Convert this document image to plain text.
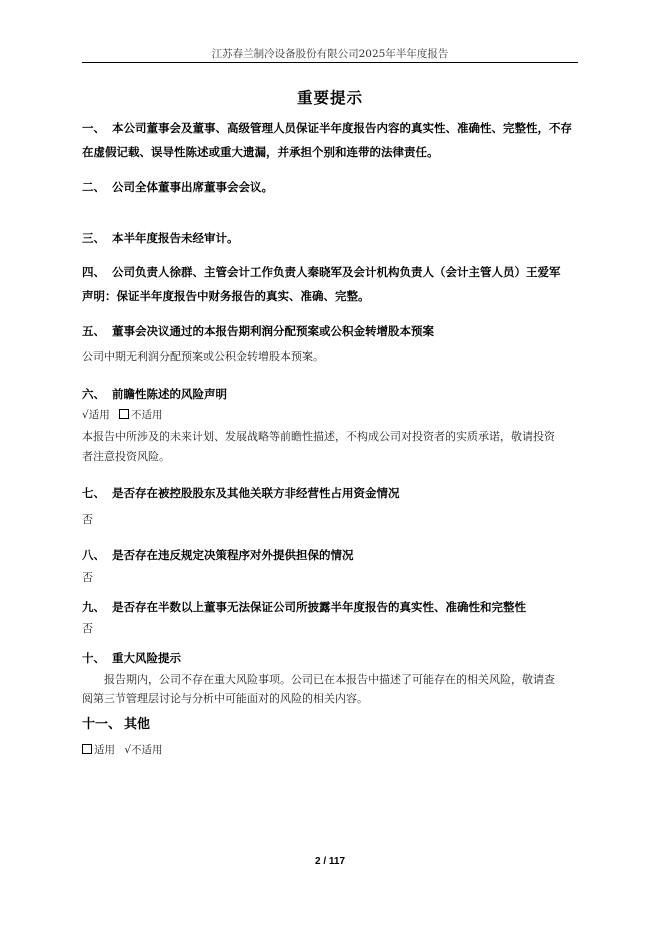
江苏春兰制冷设备股份有限公司2025年半年度报告
重要提示
一、 本公司董事会及董事、高级管理人员保证半年度报告内容的真实性、准确性、完整性，不存
在虚假记载、误导性陈述或重大遗漏，并承担个别和连带的法律责任。
二、 公司全体董事出席董事会会议。
三、 本半年度报告未经审计。
四、 公司负责人徐群、主管会计工作负责人秦晓军及会计机构负责人（会计主管人员）王爱军
声明：保证半年度报告中财务报告的真实、准确、完整。
五、 董事会决议通过的本报告期利润分配预案或公积金转增股本预案
公司中期无利润分配预案或公积金转增股本预案。
六、 前瞻性陈述的风险声明
√适用 不适用
本报告中所涉及的未来计划、发展战略等前瞻性描述，不构成公司对投资者的实质承诺，敬请投资
者注意投资风险。
七、 是否存在被控股股东及其他关联方非经营性占用资金情况
否
八、 是否存在违反规定决策程序对外提供担保的情况
否
九、 是否存在半数以上董事无法保证公司所披露半年度报告的真实性、准确性和完整性
否
十、 重大风险提示
报告期内，公司不存在重大风险事项。公司已在本报告中描述了可能存在的相关风险，敬请查
阅第三节管理层讨论与分析中可能面对的风险的相关内容。
十一、 其他
适用 √不适用
2 / 117
